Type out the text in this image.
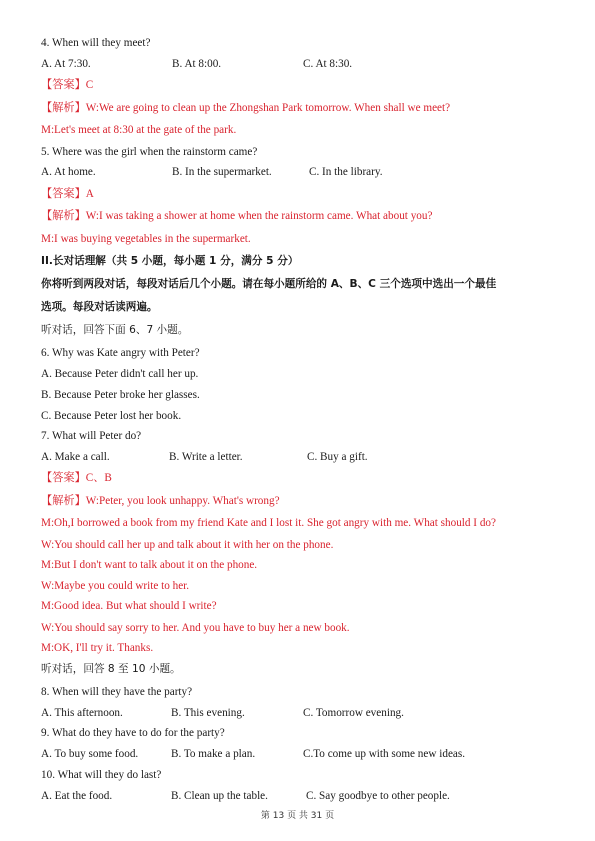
4. When will they meet?
A. At 7:30.	B. At 8:00.	C. At 8:30.
【答案】C
【解析】W:We are going to clean up the Zhongshan Park tomorrow. When shall we meet?
M:Let's meet at 8:30 at the gate of the park.
5. Where was the girl when the rainstorm came?
A. At home.	B. In the supermarket.	C. In the library.
【答案】A
【解析】W:I was taking a shower at home when the rainstorm came. What about you?
M:I was buying vegetables in the supermarket.
II.长对话理解（共 5 小题，每小题 1 分，满分 5 分）
你将听到两段对话，每段对话后几个小题。请在每小题所给的 A、B、C 三个选项中选出一个最佳
选项。每段对话读两遍。
听对话，回答下面 6、7 小题。
6. Why was Kate angry with Peter?
A. Because Peter didn't call her up.
B. Because Peter broke her glasses.
C. Because Peter lost her book.
7. What will Peter do?
A. Make a call.	B. Write a letter.	C. Buy a gift.
【答案】C、B
【解析】W:Peter, you look unhappy. What's wrong?
M:Oh,I borrowed a book from my friend Kate and I lost it. She got angry with me. What should I do?
W:You should call her up and talk about it with her on the phone.
M:But I don't want to talk about it on the phone.
W:Maybe you could write to her.
M:Good idea. But what should I write?
W:You should say sorry to her. And you have to buy her a new book.
M:OK, I'll try it. Thanks.
听对话，回答 8 至 10 小题。
8. When will they have the party?
A. This afternoon.	B. This evening.	C. Tomorrow evening.
9. What do they have to do for the party?
A. To buy some food.	B. To make a plan.	C.To come up with some new ideas.
10. What will they do last?
A. Eat the food.	B. Clean up the table.	C. Say goodbye to other people.
第 13 页 共 31 页
